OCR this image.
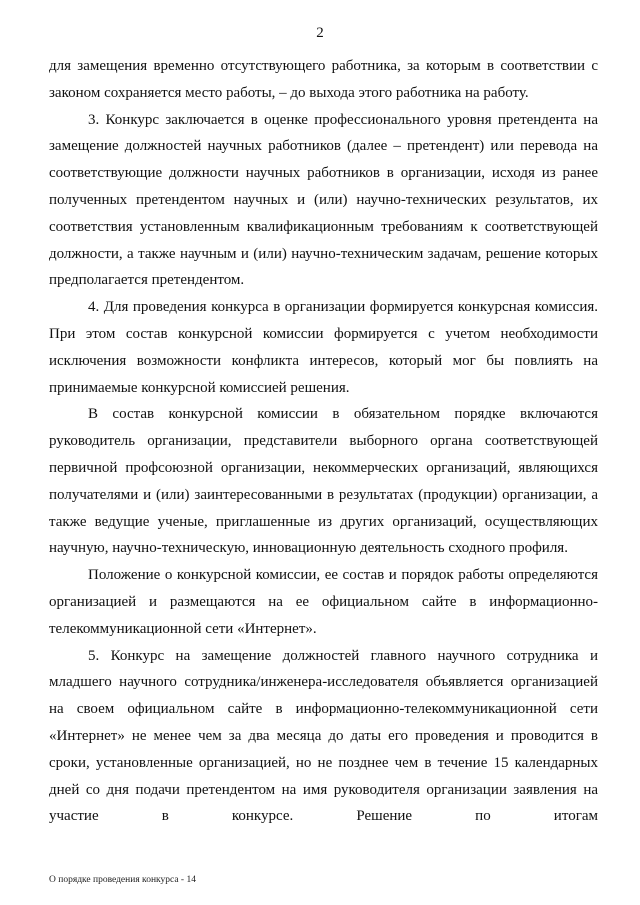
2

для замещения временно отсутствующего работника, за которым в соответствии с законом сохраняется место работы, – до выхода этого работника на работу.

3. Конкурс заключается в оценке профессионального уровня претендента на замещение должностей научных работников (далее – претендент) или перевода на соответствующие должности научных работников в организации, исходя из ранее полученных претендентом научных и (или) научно-технических результатов, их соответствия установленным квалификационным требованиям к соответствующей должности, а также научным и (или) научно-техническим задачам, решение которых предполагается претендентом.

4. Для проведения конкурса в организации формируется конкурсная комиссия. При этом состав конкурсной комиссии формируется с учетом необходимости исключения возможности конфликта интересов, который мог бы повлиять на принимаемые конкурсной комиссией решения.

В состав конкурсной комиссии в обязательном порядке включаются руководитель организации, представители выборного органа соответствующей первичной профсоюзной организации, некоммерческих организаций, являющихся получателями и (или) заинтересованными в результатах (продукции) организации, а также ведущие ученые, приглашенные из других организаций, осуществляющих научную, научно-техническую, инновационную деятельность сходного профиля.

Положение о конкурсной комиссии, ее состав и порядок работы определяются организацией и размещаются на ее официальном сайте в информационно-телекоммуникационной сети «Интернет».

5. Конкурс на замещение должностей главного научного сотрудника и младшего научного сотрудника/инженера-исследователя объявляется организацией на своем официальном сайте в информационно-телекоммуникационной сети «Интернет» не менее чем за два месяца до даты его проведения и проводится в сроки, установленные организацией, но не позднее чем в течение 15 календарных дней со дня подачи претендентом на имя руководителя организации заявления на участие в конкурсе. Решение по итогам

О порядке проведения конкурса - 14
